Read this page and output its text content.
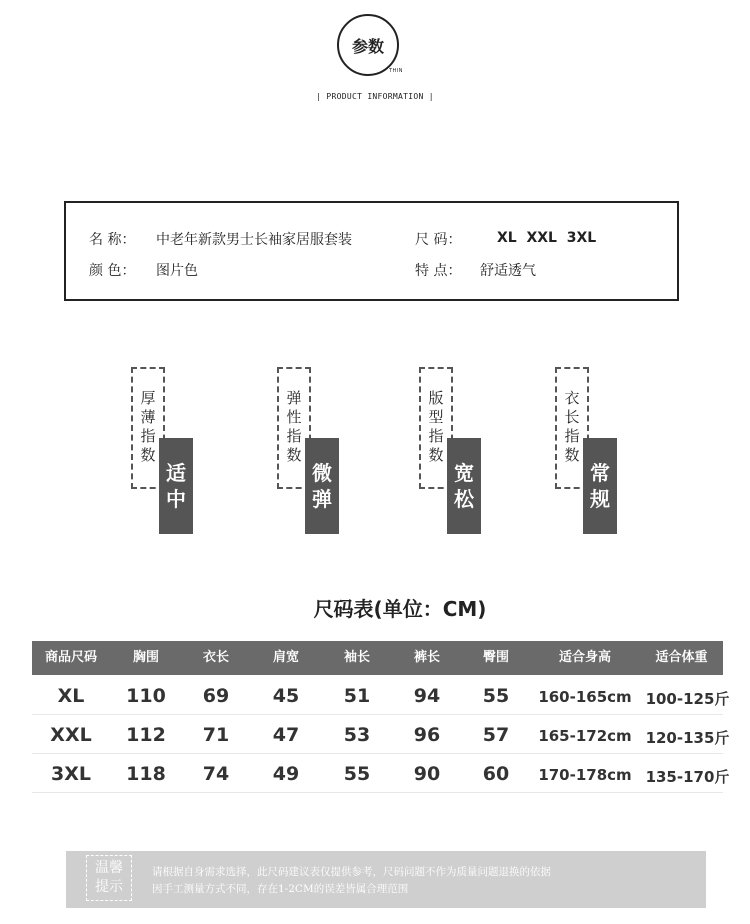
参数
THIN
| PRODUCT INFORMATION |
名 称： 中老年新款男士长袖家居服套装	尺 码：	XL  XXL  3XL
颜 色： 图片色	特 点： 舒适透气
厚
薄
指
数
适
中
弹
性
指
数
微
弹
版
型
指
数
宽
松
衣
长
指
数
常
规
尺码表(单位：CM)
商品尺码	胸围	衣长	肩宽	袖长	裤长	臀围	适合身高	适合体重
XL	110	69	45	51	94	55	160-165cm 100-125斤
XXL	112	71	47	53	96	57	165-172cm 120-135斤
3XL	118	74	49	55	90	60	170-178cm 135-170斤
温馨
提示
请根据自身需求选择，此尺码建议表仅提供参考，尺码问题不作为质量问题退换的依据
因手工测量方式不同，存在1-2CM的误差皆属合理范围
